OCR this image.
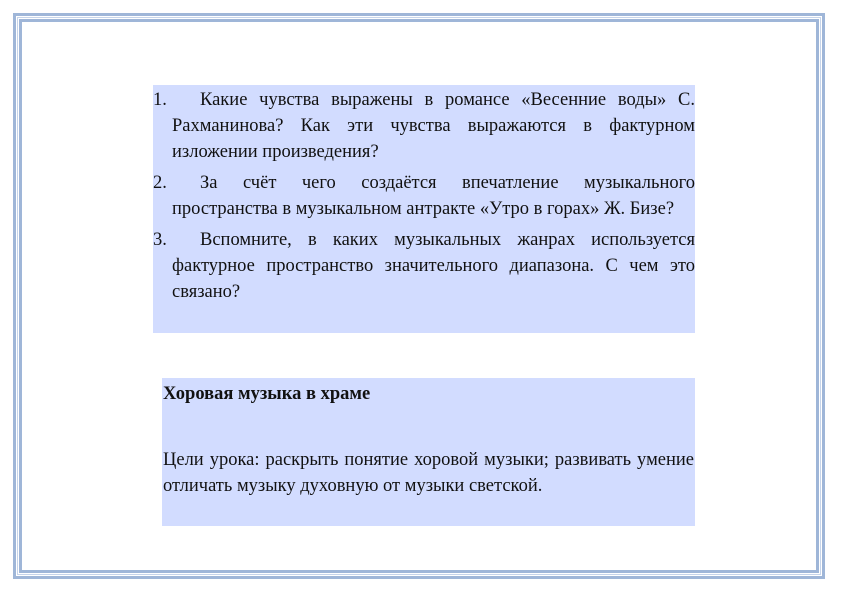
1. Какие чувства выражены в романсе «Весенние воды» С. Рахманинова? Как эти чувства выражаются в фактурном изложении произведения?
2. За счёт чего создаётся впечатление музыкального пространства в музыкальном антракте «Утро в горах» Ж. Бизе?
3. Вспомните, в каких музыкальных жанрах используется фактурное пространство значительного диапазона. С чем это связано?
Хоровая музыка в храме
Цели урока: раскрыть понятие хоровой музыки; развивать умение отличать музыку духовную от музыки светской.
